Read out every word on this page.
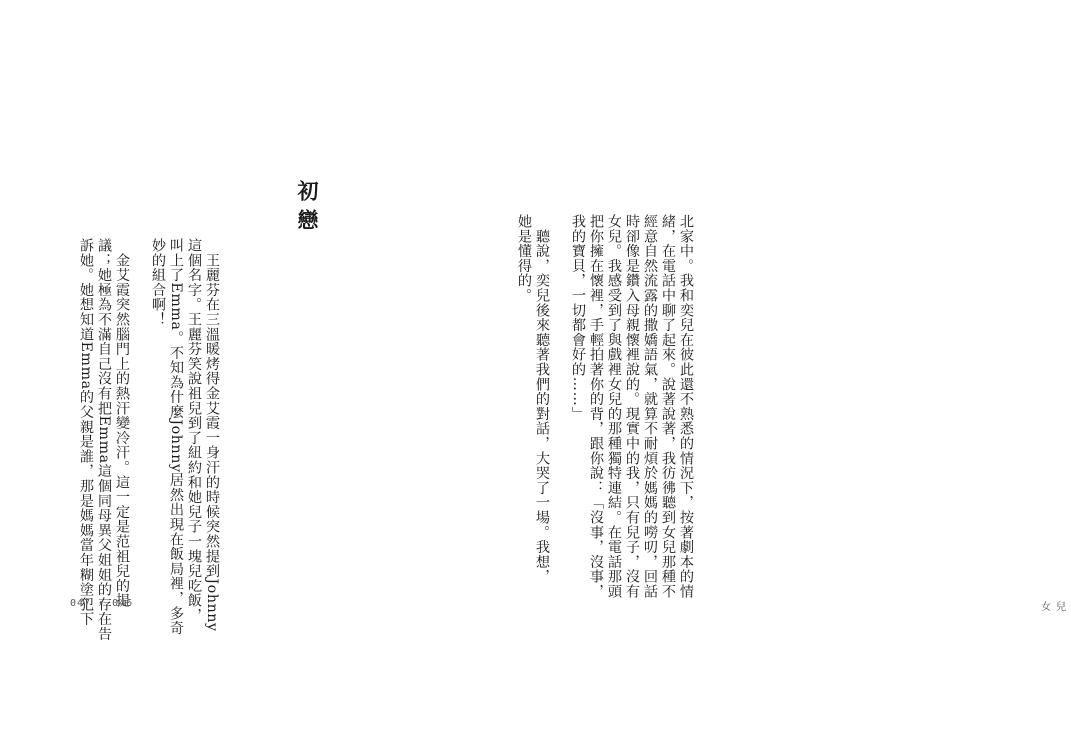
初戀
　王麗芬在三溫暖烤得金艾霞一身汗的時候突然提到Johnny
這個名字。王麗芬笑說祖兒到了紐約和她兒子一塊兒吃飯，
叫上了Emma。不知為什麼Johnny居然出現在飯局裡，多奇
妙的組合啊！
　金艾霞突然腦門上的熱汗變冷汗。這一定是范祖兒的提
議；她極為不滿自己沒有把Emma這個同母異父姐姐的存在告
訴她。她想知道Emma的父親是誰，那是媽媽當年糊塗犯下
047 • 046
北家中。我和奕兒在彼此還不熟悉的情況下，按著劇本的情
緒，在電話中聊了起來。說著說著，我彷彿聽到女兒那種不
經意自然流露的撒嬌語氣，就算不耐煩於媽媽的嘮叨，回話
時卻像是鑽入母親懷裡說的。現實中的我，只有兒子，沒有
女兒。我感受到了與戲裡女兒的那種獨特連結。在電話那頭
把你擁在懷裡，手輕拍著你的背，跟你說：「沒事，沒事，
我的寶貝，一切都會好的……」
　聽說，奕兒後來聽著我們的對話，大哭了一場。我想，
她是懂得的。
女兒
